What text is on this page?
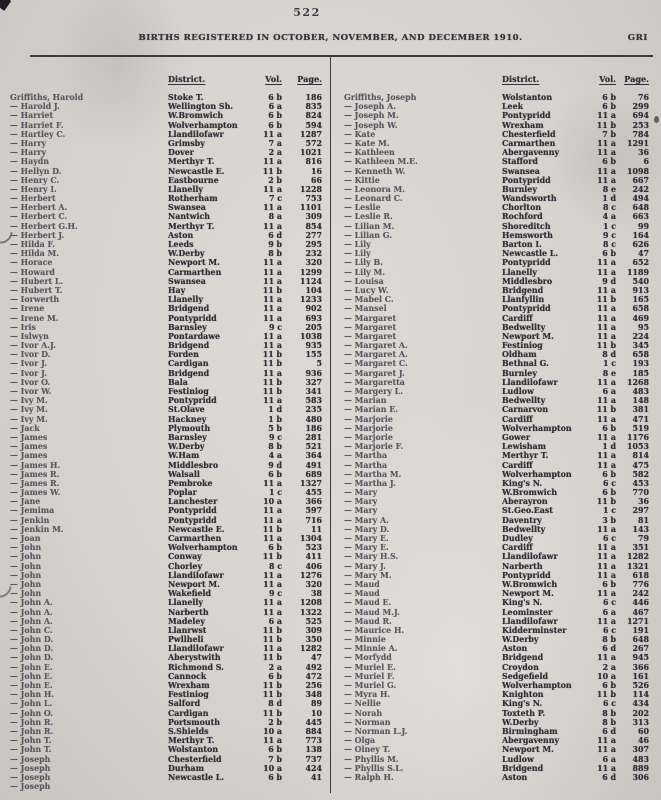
522
BIRTHS REGISTERED IN OCTOBER, NOVEMBER, AND DECEMBER 1910.	GRI
District.	Vol.	Page.	District.	Vol.	Page.
Griffiths, Harold	Stoke T.	6 b	186
— Harold J.	Wellington Sh.	6 a	835
— Harriet	W.Bromwich	6 b	824
— Harriet F.	Wolverhampton	6 b	594
— Hartley C.	Llandilofawr	11 a	1287
— Harry	Grimsby	7 a	572
— Harry	Dover	2 a	1021
— Haydn	Merthyr T.	11 a	816
— Hellyn D.	Newcastle E.	11 b	16
— Henry C.	Eastbourne	2 b	66
— Henry I.	Llanelly	11 a	1228
— Herbert	Rotherham	7 c	753
— Herbert A.	Swansea	11 a	1101
— Herbert C.	Nantwich	8 a	309
— Herbert G.H.	Merthyr T.	11 a	854
— Herbert J.	Aston	6 d	277
— Hilda F.	Leeds	9 b	295
— Hilda M.	W.Derby	8 b	232
— Horace	Newport M.	11 a	320
— Howard	Carmarthen	11 a	1299
— Hubert L.	Swansea	11 a	1124
— Hubert T.	Hay	11 b	104
— Iorwerth	Llanelly	11 a	1233
— Irene	Bridgend	11 a	902
— Irene M.	Pontypridd	11 a	693
— Iris	Barnsley	9 c	205
— Islwyn	Pontardawe	11 a	1038
— Ivor A.J.	Bridgend	11 a	935
— Ivor D.	Forden	11 b	155
— Ivor J.	Cardigan	11 b	5
— Ivor J.	Bridgend	11 a	936
— Ivor O.	Bala	11 b	327
— Ivor W.	Festiniog	11 b	341
— Ivy M.	Pontypridd	11 a	583
— Ivy M.	St.Olave	1 d	235
— Ivy M.	Hackney	1 b	480
— Jack	Plymouth	5 b	186
— James	Barnsley	9 c	281
— James	W.Derby	8 b	521
— James	W.Ham	4 a	364
— James H.	Middlesbro	9 d	491
— James R.	Walsall	6 b	689
— James R.	Pembroke	11 a	1327
— James W.	Poplar	1 c	455
— Jane	Lanchester	10 a	366
— Jemima	Pontypridd	11 a	597
— Jenkin	Pontypridd	11 a	716
— Jenkin M.	Newcastle E.	11 b	11
— Joan	Carmarthen	11 a	1304
— John	Wolverhampton	6 b	523
— John	Conway	11 b	411
— John	Chorley	8 c	406
— John	Llandilofawr	11 a	1276
— John	Newport M.	11 a	320
— John	Wakefield	9 c	38
— John A.	Llanelly	11 a	1208
— John A.	Narberth	11 a	1322
— John A.	Madeley	6 a	525
— John C.	Llanrwst	11 b	309
— John D.	Pwllheli	11 b	350
— John D.	Llandilofawr	11 a	1282
— John D.	Aberystwith	11 b	47
— John E.	Richmond S.	2 a	492
— John E.	Cannock	6 b	472
— John E.	Wrexham	11 b	256
— John H.	Festiniog	11 b	348
— John L.	Salford	8 d	89
— John O.	Cardigan	11 b	10
— John R.	Portsmouth	2 b	445
— John R.	S.Shields	10 a	884
— John T.	Merthyr T.	11 a	773
— John T.	Wolstanton	6 b	138
— Joseph	Chesterfield	7 b	737
— Joseph	Durham	10 a	424
— Joseph	Newcastle L.	6 b	41
— Joseph
Griffiths, Joseph	Wolstanton	6 b	76
— Joseph A.	Leek	6 b	299
— Joseph M.	Pontypridd	11 a	694
— Joseph W.	Wrexham	11 b	253
— Kate	Chesterfield	7 b	784
— Kate M.	Carmarthen	11 a	1291
— Kathleen	Abergavenny	11 a	36
— Kathleen M.E.	Stafford	6 b	6
— Kenneth W.	Swansea	11 a	1098
— Kittie	Pontypridd	11 a	667
— Leonora M.	Burnley	8 e	242
— Leonard C.	Wandsworth	1 d	494
— Leslie	Chorlton	8 c	648
— Leslie R.	Rochford	4 a	663
— Lilian M.	Shoreditch	1 c	99
— Lilian G.	Hemsworth	9 c	164
— Lily	Barton I.	8 c	626
— Lily	Newcastle L.	6 b	47
— Lily B.	Pontypridd	11 a	652
— Lily M.	Llanelly	11 a	1189
— Louisa	Middlesbro	9 d	540
— Lucy W.	Bridgend	11 a	913
— Mabel C.	Llanfyllin	11 b	165
— Mansel	Pontypridd	11 a	658
— Margaret	Cardiff	11 a	469
— Margaret	Bedwellty	11 a	95
— Margaret	Newport M.	11 a	224
— Margaret A.	Festiniog	11 b	345
— Margaret A.	Oldham	8 d	658
— Margaret C.	Bethnal G.	1 c	193
— Margaret J.	Burnley	8 e	185
— Margaretta	Llandilofawr	11 a	1268
— Margery L.	Ludlow	6 a	483
— Marian	Bedwellty	11 a	148
— Marian E.	Carnarvon	11 b	381
— Marjorie	Cardiff	11 a	471
— Marjorie	Wolverhampton	6 b	519
— Marjorie	Gower	11 a	1176
— Marjorie F.	Lewisham	1 d	1053
— Martha	Merthyr T.	11 a	814
— Martha	Cardiff	11 a	475
— Martha M.	Wolverhampton	6 b	582
— Martha J.	King's N.	6 c	453
— Mary	W.Bromwich	6 b	770
— Mary	Aberayron	11 b	36
— Mary	St.Geo.East	1 c	297
— Mary A.	Daventry	3 b	81
— Mary D.	Bedwellty	11 a	143
— Mary E.	Dudley	6 c	79
— Mary E.	Cardiff	11 a	351
— Mary H.S.	Llandilofawr	11 a	1282
— Mary J.	Narberth	11 a	1321
— Mary M.	Pontypridd	11 a	618
— Maud	W.Bromwich	6 b	776
— Maud	Newport M.	11 a	242
— Maud E.	King's N.	6 c	446
— Maud M.J.	Leominster	6 a	467
— Maud R.	Llandilofawr	11 a	1271
— Maurice H.	Kidderminster	6 c	191
— Minnie	W.Derby	8 b	648
— Minnie A.	Aston	6 d	267
— Morfydd	Bridgend	11 a	945
— Muriel E.	Croydon	2 a	366
— Muriel F.	Sedgefield	10 a	161
— Muriel G.	Wolverhampton	6 b	526
— Myra H.	Knighton	11 b	114
— Nellie	King's N.	6 c	434
— Norah	Toxteth P.	8 b	202
— Norman	W.Derby	8 b	313
— Norman L.J.	Birmingham	6 d	60
— Olga	Abergavenny	11 a	46
— Olney T.	Newport M.	11 a	307
— Phyllis M.	Ludlow	6 a	483
— Phyllis S.L.	Bridgend	11 a	889
— Ralph H.	Aston	6 d	306
